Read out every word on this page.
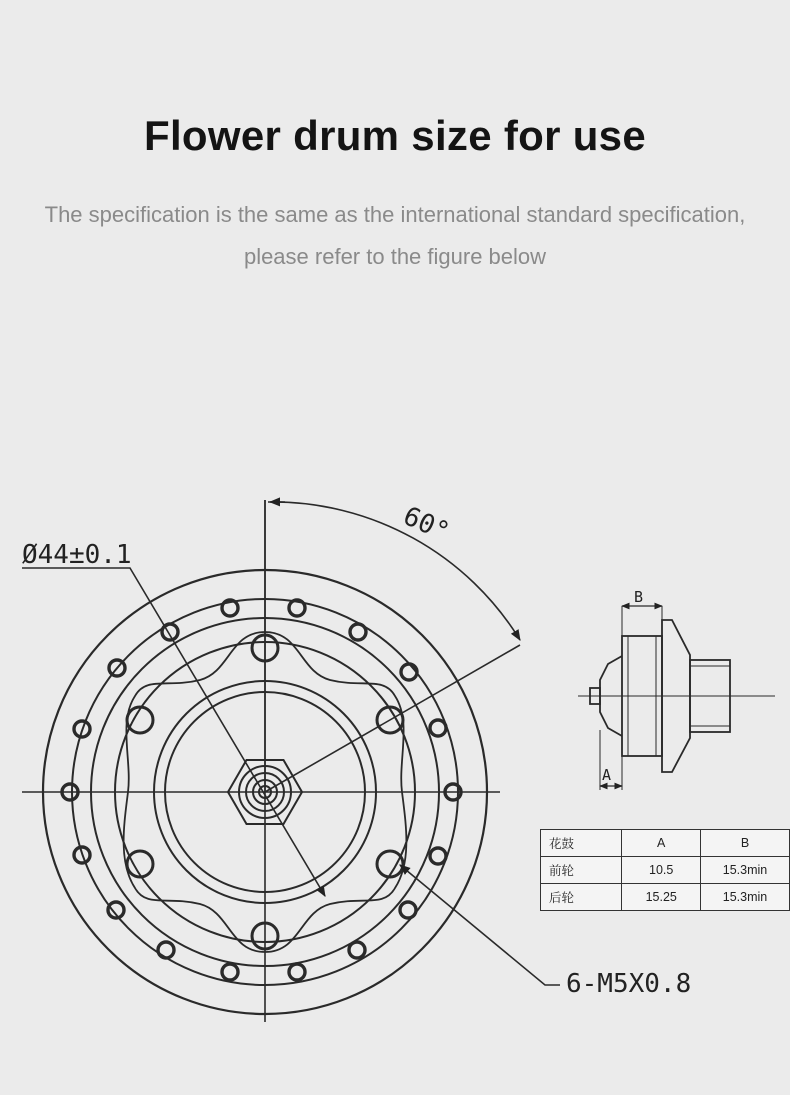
Flower drum size for use
The specification is the same as the international standard specification,
please refer to the figure below
Ø44±0.1
60°
6-M5X0.8
B
A
花鼓	A	B
前轮	10.5	15.3min
后轮	15.25	15.3min
